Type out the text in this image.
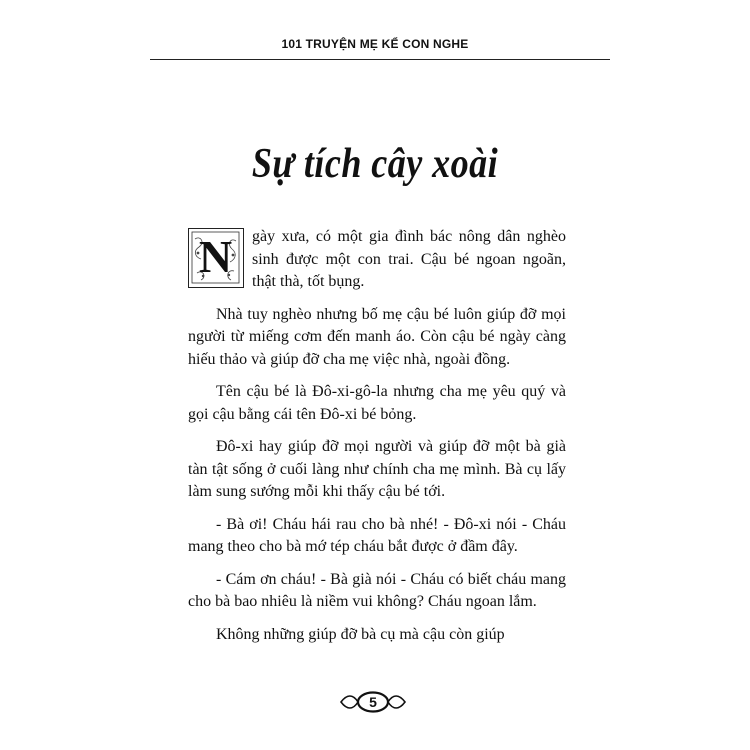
101 TRUYỆN MẸ KỂ CON NGHE
Sự tích cây xoài

N	gày xưa, có một gia đình bác nông dân nghèo sinh được một con trai. Cậu bé ngoan ngoãn, thật thà, tốt bụng.

Nhà tuy nghèo nhưng bố mẹ cậu bé luôn giúp đỡ mọi người từ miếng cơm đến manh áo. Còn cậu bé ngày càng hiếu thảo và giúp đỡ cha mẹ việc nhà, ngoài đồng.

Tên cậu bé là Đô-xi-gô-la nhưng cha mẹ yêu quý và gọi cậu bằng cái tên Đô-xi bé bỏng.

Đô-xi hay giúp đỡ mọi người và giúp đỡ một bà già tàn tật sống ở cuối làng như chính cha mẹ mình. Bà cụ lấy làm sung sướng mỗi khi thấy cậu bé tới.

- Bà ơi! Cháu hái rau cho bà nhé! - Đô-xi nói - Cháu mang theo cho bà mớ tép cháu bắt được ở đầm đây.

- Cám ơn cháu! - Bà già nói - Cháu có biết cháu mang cho bà bao nhiêu là niềm vui không? Cháu ngoan lắm.

Không những giúp đỡ bà cụ mà cậu còn giúp

5
